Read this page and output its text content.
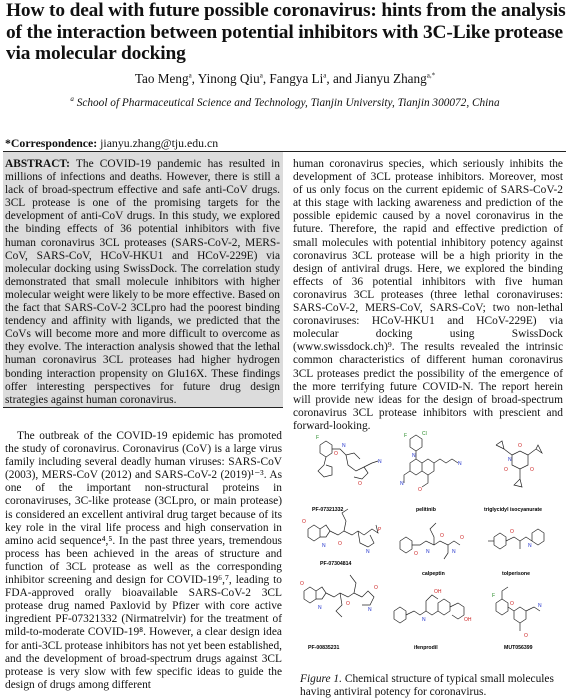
How to deal with future possible coronavirus: hints from the analysis of the interaction between potential inhibitors with 3C-Like protease via molecular docking
Tao Meng$^a$, Yinong Qiu$^a$, Fangya Li$^a$, and Jianyu Zhang$^{a,*}$
$^a$ School of Pharmaceutical Science and Technology, Tianjin University, Tianjin 300072, China
*Correspondence: jianyu.zhang@tju.edu.cn

ABSTRACT: The COVID-19 pandemic has resulted in millions of infections and deaths. However, there is still a lack of broad-spectrum effective and safe anti-CoV drugs. 3CL protease is one of the promising targets for the development of anti-CoV drugs. In this study, we explored the binding effects of 36 potential inhibitors with five human coronavirus 3CL proteases (SARS-CoV-2, MERS-CoV, SARS-CoV, HCoV-HKU1 and HCoV-229E) via molecular docking using SwissDock. The correlation study demonstrated that small molecule inhibitors with higher molecular weight were likely to be more effective. Based on the fact that SARS-CoV-2 3CLpro had the poorest binding tendency and affinity with ligands, we predicted that the CoVs will become more and more difficult to overcome as they evolve. The interaction analysis showed that the lethal human coronavirus 3CL proteases had higher hydrogen bonding interaction propensity on Glu16X. These findings offer interesting perspectives for future drug design strategies against human coronavirus.

human coronavirus species, which seriously inhibits the development of 3CL protease inhibitors. Moreover, most of us only focus on the current epidemic of SARS-CoV-2 at this stage with lacking awareness and prediction of the possible epidemic caused by a novel coronavirus in the future. Therefore, the rapid and effective prediction of small molecules with potential inhibitory potency against coronavirus 3CL protease will be a high priority in the design of antiviral drugs. Here, we explored the binding effects of 36 potential inhibitors with five human coronavirus 3CL proteases (three lethal coronaviruses: SARS-CoV-2, MERS-CoV, SARS-CoV; two non-lethal coronaviruses: HCoV-HKU1 and HCoV-229E) via molecular docking using SwissDock (www.swissdock.ch)⁹. The results revealed the intrinsic common characteristics of different human coronavirus 3CL proteases predict the possibility of the emergence of the more terrifying future COVID-N. The report herein will provide new ideas for the design of broad-spectrum coronavirus 3CL protease inhibitors with prescient and forward-looking.

The outbreak of the COVID-19 epidemic has promoted the study of coronavirus. Coronavirus (CoV) is a large virus family including several deadly human viruses: SARS-CoV (2003), MERS-CoV (2012) and SARS-CoV-2 (2019)¹⁻³. As one of the important non-structural proteins in coronaviruses, 3C-like protease (3CLpro, or main protease) is considered an excellent antiviral drug target because of its key role in the viral life process and high conservation in amino acid sequence⁴,⁵. In the past three years, tremendous process has been achieved in the areas of structure and function of 3CL protease as well as the corresponding inhibitor screening and design for COVID-19⁶,⁷, leading to FDA-approved orally bioavailable SARS-CoV-2 3CL protease drug named Paxlovid by Pfizer with core active ingredient PF-07321332 (Nirmatrelvir) for the treatment of mild-to-moderate COVID-19⁸. However, a clear design idea for anti-3CL protease inhibitors has not yet been established, and the development of broad-spectrum drugs against 3CL protease is very slow with few specific ideas to guide the design of drugs among different

F
N
O
N
O
PF-07321332
Cl
F
N
N
O
N
pelitinib
O
O	O
N
triglycidyl isocyanurate
O
N O
P
N
PF-07304814
O N
O
N
O
calpeptin
O
N
tolperisone
O
N
O
N
O
PF-00835231
N	OH
OH
ifenprodil
F
O	N
O
MUT056399
Figure 1. Chemical structure of typical small molecules having antiviral potency for coronavirus.
